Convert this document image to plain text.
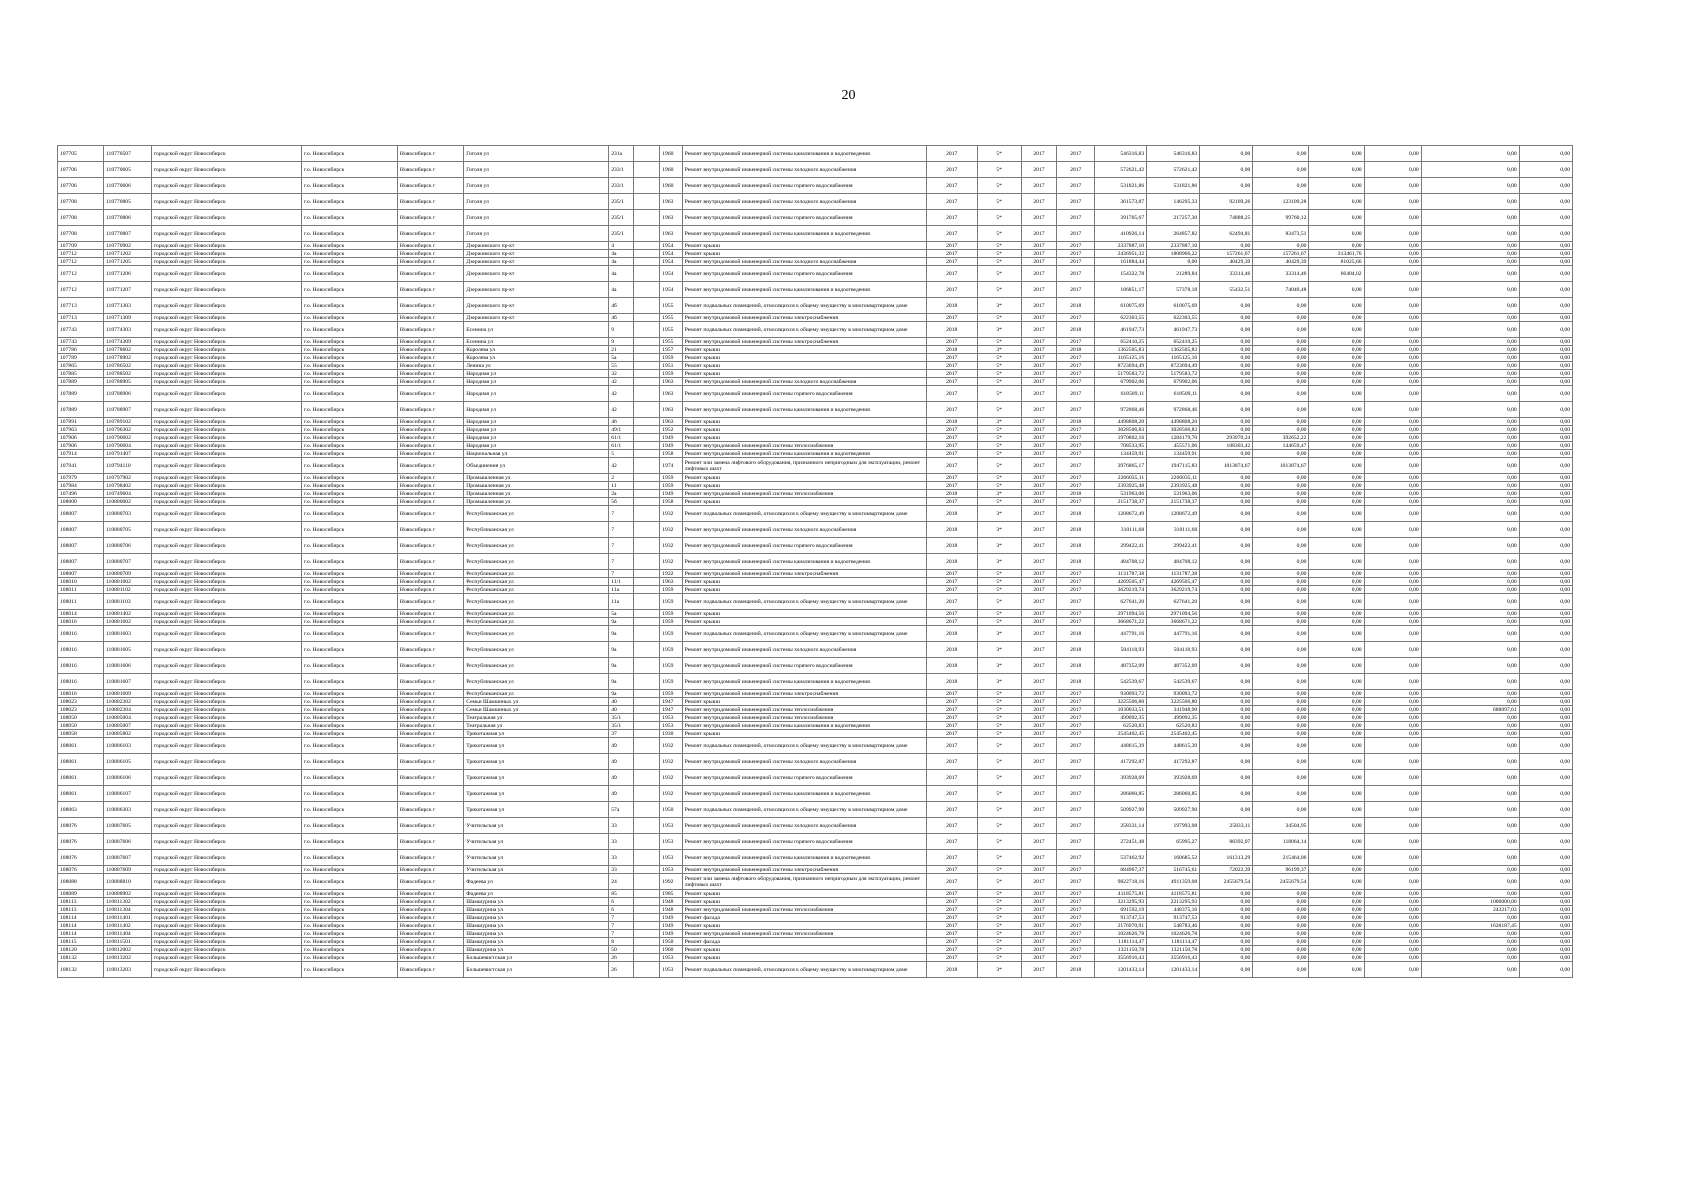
20
107705	110770507	городской округ Новосибирск	г.о. Новосибирск	Новосибирск г	Гоголя ул	231а		1960	Ремонт внутридомовой инженерной системы канализования и водоотведения	2017	5*	2017	2017	546316,83	546316,83	0,00	0,00	0,00	0,00	0,00	0,00
107706	110770605	городской округ Новосибирск	г.о. Новосибирск	Новосибирск г	Гоголя ул	233/1		1960	Ремонт внутридомовой инженерной системы холодного водоснабжения	2017	5*	2017	2017	572621,42	572621,42	0,00	0,00	0,00	0,00	0,00	0,00
107706	110770606	городской округ Новосибирск	г.о. Новосибирск	Новосибирск г	Гоголя ул	233/1		1960	Ремонт внутридомовой инженерной системы горячего водоснабжения	2017	5*	2017	2017	531821,86	531821,86	0,00	0,00	0,00	0,00	0,00	0,00
107708	110770805	городской округ Новосибирск	г.о. Новосибирск	Новосибирск г	Гоголя ул	235/1		1963	Ремонт внутридомовой инженерной системы холодного водоснабжения	2017	5*	2017	2017	361573,87	146295,33	92169,26	123109,28	0,00	0,00	0,00	0,00
107708	110770806	городской округ Новосибирск	г.о. Новосибирск	Новосибирск г	Гоголя ул	235/1		1963	Ремонт внутридомовой инженерной системы горячего водоснабжения	2017	5*	2017	2017	391705,67	217257,30	74888,25	99760,12	0,00	0,00	0,00	0,00
107708	110770807	городской округ Новосибирск	г.о. Новосибирск	Новосибирск г	Гоголя ул	235/1		1963	Ремонт внутридомовой инженерной системы канализования и водоотведения	2017	5*	2017	2017	410926,14	264857,82	62494,81	83473,51	0,00	0,00	0,00	0,00
107709	110770902	городской округ Новосибирск	г.о. Новосибирск	Новосибирск г	Дзержинского пр-кт	4		1954	Ремонт крыши	2017	5*	2017	2017	2337887,10	2337887,10	0,00	0,00	0,00	0,00	0,00	0,00
107712	110771202	городской округ Новосибирск	г.о. Новосибирск	Новосибирск г	Дзержинского пр-кт	4а		1954	Ремонт крыши	2017	5*	2017	2017	2436951,32	1808966,22	157261,67	157261,67	313461,76	0,00	0,00	0,00
107712	110771205	городской округ Новосибирск	г.о. Новосибирск	Новосибирск г	Дзержинского пр-кт	4а		1954	Ремонт внутридомовой инженерной системы холодного водоснабжения	2017	5*	2017	2017	161884,44	0,00	40429,39	40429,39	81025,66	0,00	0,00	0,00
107712	110771206	городской округ Новосибирск	г.о. Новосибирск	Новосибирск г	Дзержинского пр-кт	4а		1954	Ремонт внутридомовой инженерной системы горячего водоснабжения	2017	5*	2017	2017	154322,78	21289,84	33314,46	33314,46	66404,02	0,00	0,00	0,00
107712	110771207	городской округ Новосибирск	г.о. Новосибирск	Новосибирск г	Дзержинского пр-кт	4а		1954	Ремонт внутридомовой инженерной системы канализования и водоотведения	2017	5*	2017	2017	186851,17	57378,18	55432,51	74040,48	0,00	0,00	0,00	0,00
107713	110771303	городской округ Новосибирск	г.о. Новосибирск	Новосибирск г	Дзержинского пр-кт	4б		1955	Ремонт подвальных помещений, относящихся к общему имуществу в многоквартирном доме	2018	3*	2017	2018	610075,69	610075,69	0,00	0,00	0,00	0,00	0,00	0,00
107713	110771309	городской округ Новосибирск	г.о. Новосибирск	Новосибирск г	Дзержинского пр-кт	4б		1955	Ремонт внутридомовой инженерной системы электроснабжения	2017	5*	2017	2017	622303,55	622303,55	0,00	0,00	0,00	0,00	0,00	0,00
107743	110774303	городской округ Новосибирск	г.о. Новосибирск	Новосибирск г	Есенина ул	9		1955	Ремонт подвальных помещений, относящихся к общему имуществу в многоквартирном доме	2018	3*	2017	2018	461947,73	461947,73	0,00	0,00	0,00	0,00	0,00	0,00
107743	110774309	городской округ Новосибирск	г.о. Новосибирск	Новосибирск г	Есенина ул	9		1955	Ремонт внутридомовой инженерной системы электроснабжения	2017	5*	2017	2017	652410,25	652410,25	0,00	0,00	0,00	0,00	0,00	0,00
107786	110778602	городской округ Новосибирск	г.о. Новосибирск	Новосибирск г	Королева ул	21		1957	Ремонт крыши	2018	3*	2017	2018	1362505,83	1362505,83	0,00	0,00	0,00	0,00	0,00	0,00
107789	110778902	городской округ Новосибирск	г.о. Новосибирск	Новосибирск г	Королева ул	5а		1959	Ремонт крыши	2017	5*	2017	2017	1165125,16	1165125,16	0,00	0,00	0,00	0,00	0,00	0,00
107865	110786502	городской округ Новосибирск	г.о. Новосибирск	Новосибирск г	Ленина ул	55		1951	Ремонт крыши	2017	5*	2017	2017	8723694,49	8723694,49	0,00	0,00	0,00	0,00	0,00	0,00
107885	110788502	городской округ Новосибирск	г.о. Новосибирск	Новосибирск г	Народная ул	32		1959	Ремонт крыши	2017	5*	2017	2017	5179583,72	5179583,72	0,00	0,00	0,00	0,00	0,00	0,00
107889	110788905	городской округ Новосибирск	г.о. Новосибирск	Новосибирск г	Народная ул	42		1963	Ремонт внутридомовой инженерной системы холодного водоснабжения	2017	5*	2017	2017	679902,06	679902,06	0,00	0,00	0,00	0,00	0,00	0,00
107889	110788906	городской округ Новосибирск	г.о. Новосибирск	Новосибирск г	Народная ул	42		1963	Ремонт внутридомовой инженерной системы горячего водоснабжения	2017	5*	2017	2017	618509,11	618509,11	0,00	0,00	0,00	0,00	0,00	0,00
107889	110788907	городской округ Новосибирск	г.о. Новосибирск	Новосибирск г	Народная ул	42		1963	Ремонт внутридомовой инженерной системы канализования и водоотведения	2017	5*	2017	2017	972868,46	972868,46	0,00	0,00	0,00	0,00	0,00	0,00
107891	110789102	городской округ Новосибирск	г.о. Новосибирск	Новосибирск г	Народная ул	46		1963	Ремонт крыши	2018	3*	2017	2018	4498808,20	4498808,20	0,00	0,00	0,00	0,00	0,00	0,00
107963	110796302	городской округ Новосибирск	г.о. Новосибирск	Новосибирск г	Народная ул	49/1		1952	Ремонт крыши	2017	5*	2017	2017	3028506,83	3028506,83	0,00	0,00	0,00	0,00	0,00	0,00
107906	110790602	городской округ Новосибирск	г.о. Новосибирск	Новосибирск г	Народная ул	61/1		1949	Ремонт крыши	2017	5*	2017	2017	1970802,16	1284179,70	293970,24	392652,22	0,00	0,00	0,00	0,00
107906	110790604	городской округ Новосибирск	г.о. Новосибирск	Новосибирск г	Народная ул	61/1		1949	Ремонт внутридомовой инженерной системы теплоснабжения	2017	5*	2017	2017	708533,95	455571,06	108303,42	144659,47	0,00	0,00	0,00	0,00
107914	110791407	городской округ Новосибирск	г.о. Новосибирск	Новосибирск г	Национальная ул	5		1958	Ремонт внутридомовой инженерной системы канализования и водоотведения	2017	5*	2017	2017	134459,91	134459,91	0,00	0,00	0,00	0,00	0,00	0,00
107941	110794110	городской округ Новосибирск	г.о. Новосибирск	Новосибирск г	Объединения ул	42		1974	Ремонт или замена лифтового оборудования, признанного непригодным для эксплуатации, ремонт лифтовых шахт	2017	5*	2017	2017	3976865,17	1947115,83	1013874,67	1013874,67	0,00	0,00	0,00	0,00
107979	110797902	городской округ Новосибирск	г.о. Новосибирск	Новосибирск г	Промышленная ул	2		1959	Ремонт крыши	2017	5*	2017	2017	2266035,11	2266035,11	0,00	0,00	0,00	0,00	0,00	0,00
107984	110798402	городской округ Новосибирск	г.о. Новосибирск	Новосибирск г	Промышленная ул	11		1959	Ремонт крыши	2017	5*	2017	2017	2393925,48	2393925,48	0,00	0,00	0,00	0,00	0,00	0,00
107496	110749604	городской округ Новосибирск	г.о. Новосибирск	Новосибирск г	Промышленная ул	2а		1949	Ремонт внутридомовой инженерной системы теплоснабжения	2018	3*	2017	2018	531963,06	531963,06	0,00	0,00	0,00	0,00	0,00	0,00
108000	110800002	городской округ Новосибирск	г.о. Новосибирск	Новосибирск г	Промышленная ул	5б		1958	Ремонт крыши	2017	5*	2017	2017	2151738,37	2151738,37	0,00	0,00	0,00	0,00	0,00	0,00
108007	110800703	городской округ Новосибирск	г.о. Новосибирск	Новосибирск г	Республиканская ул	7		1932	Ремонт подвальных помещений, относящихся к общему имуществу в многоквартирном доме	2018	3*	2017	2018	1208672,49	1208672,49	0,00	0,00	0,00	0,00	0,00	0,00
108007	110800705	городской округ Новосибирск	г.о. Новосибирск	Новосибирск г	Республиканская ул	7		1932	Ремонт внутридомовой инженерной системы холодного водоснабжения	2018	3*	2017	2018	310111,68	310111,68	0,00	0,00	0,00	0,00	0,00	0,00
108007	110800706	городской округ Новосибирск	г.о. Новосибирск	Новосибирск г	Республиканская ул	7		1932	Ремонт внутридомовой инженерной системы горячего водоснабжения	2018	3*	2017	2018	299422,41	299422,41	0,00	0,00	0,00	0,00	0,00	0,00
108007	110800707	городской округ Новосибирск	г.о. Новосибирск	Новосибирск г	Республиканская ул	7		1932	Ремонт внутридомовой инженерной системы канализования и водоотведения	2018	3*	2017	2018	484708,12	484708,12	0,00	0,00	0,00	0,00	0,00	0,00
108007	110800709	городской округ Новосибирск	г.о. Новосибирск	Новосибирск г	Республиканская ул	7		1932	Ремонт внутридомовой инженерной системы электроснабжения	2017	5*	2017	2017	1131787,38	1131787,38	0,00	0,00	0,00	0,00	0,00	0,00
108010	110801002	городской округ Новосибирск	г.о. Новосибирск	Новосибирск г	Республиканская ул	11/1		1963	Ремонт крыши	2017	5*	2017	2017	4269505,47	4269505,47	0,00	0,00	0,00	0,00	0,00	0,00
108011	110801102	городской округ Новосибирск	г.о. Новосибирск	Новосибирск г	Республиканская ул	11а		1959	Ремонт крыши	2017	5*	2017	2017	3629219,74	3629219,74	0,00	0,00	0,00	0,00	0,00	0,00
108011	110801103	городской округ Новосибирск	г.о. Новосибирск	Новосибирск г	Республиканская ул	11а		1959	Ремонт подвальных помещений, относящихся к общему имуществу в многоквартирном доме	2017	5*	2017	2017	627641,20	627641,20	0,00	0,00	0,00	0,00	0,00	0,00
108014	110801402	городской округ Новосибирск	г.о. Новосибирск	Новосибирск г	Республиканская ул	5а		1959	Ремонт крыши	2017	5*	2017	2017	2971094,56	2971094,56	0,00	0,00	0,00	0,00	0,00	0,00
108016	110801602	городской округ Новосибирск	г.о. Новосибирск	Новосибирск г	Республиканская ул	9а		1959	Ремонт крыши	2017	5*	2017	2017	3668671,22	3668671,22	0,00	0,00	0,00	0,00	0,00	0,00
108016	110801603	городской округ Новосибирск	г.о. Новосибирск	Новосибирск г	Республиканская ул	9а		1959	Ремонт подвальных помещений, относящихся к общему имуществу в многоквартирном доме	2018	3*	2017	2018	447791,16	447791,16	0,00	0,00	0,00	0,00	0,00	0,00
108016	110801605	городской округ Новосибирск	г.о. Новосибирск	Новосибирск г	Республиканская ул	9а		1959	Ремонт внутридомовой инженерной системы холодного водоснабжения	2018	3*	2017	2018	504118,93	504118,93	0,00	0,00	0,00	0,00	0,00	0,00
108016	110801606	городской округ Новосибирск	г.о. Новосибирск	Новосибирск г	Республиканская ул	9а		1959	Ремонт внутридомовой инженерной системы горячего водоснабжения	2018	3*	2017	2018	487352,09	487352,09	0,00	0,00	0,00	0,00	0,00	0,00
108016	110801607	городской округ Новосибирск	г.о. Новосибирск	Новосибирск г	Республиканская ул	9а		1959	Ремонт внутридомовой инженерной системы канализования и водоотведения	2018	3*	2017	2018	542539,67	542539,67	0,00	0,00	0,00	0,00	0,00	0,00
108016	110801609	городской округ Новосибирск	г.о. Новосибирск	Новосибирск г	Республиканская ул	9а		1959	Ремонт внутридомовой инженерной системы электроснабжения	2017	5*	2017	2017	930093,72	930093,72	0,00	0,00	0,00	0,00	0,00	0,00
108023	110802302	городской округ Новосибирск	г.о. Новосибирск	Новосибирск г	Семьи Шамшиных ул	40		1947	Ремонт крыши	2017	5*	2017	2017	3225506,80	3225506,80	0,00	0,00	0,00	0,00	0,00	0,00
108023	110802304	городской округ Новосибирск	г.о. Новосибирск	Новосибирск г	Семьи Шамшиных ул	40		1947	Ремонт внутридомовой инженерной системы теплоснабжения	2017	5*	2017	2017	1030033,51	341948,90	0,00	0,00	0,00	0,00	688097,61	0,00
108050	110805004	городской округ Новосибирск	г.о. Новосибирск	Новосибирск г	Театральная ул	35/1		1953	Ремонт внутридомовой инженерной системы теплоснабжения	2017	5*	2017	2017	499092,35	499092,35	0,00	0,00	0,00	0,00	0,00	0,00
108050	110805007	городской округ Новосибирск	г.о. Новосибирск	Новосибирск г	Театральная ул	35/1		1953	Ремонт внутридомовой инженерной системы канализования и водоотведения	2017	5*	2017	2017	62520,83	62520,83	0,00	0,00	0,00	0,00	0,00	0,00
108058	110805802	городской округ Новосибирск	г.о. Новосибирск	Новосибирск г	Трикотажная ул	37		1930	Ремонт крыши	2017	5*	2017	2017	2545402,45	2545402,45	0,00	0,00	0,00	0,00	0,00	0,00
108061	110806103	городской округ Новосибирск	г.о. Новосибирск	Новосибирск г	Трикотажная ул	49		1932	Ремонт подвальных помещений, относящихся к общему имуществу в многоквартирном доме	2017	5*	2017	2017	448615,39	448615,39	0,00	0,00	0,00	0,00	0,00	0,00
108061	110806105	городской округ Новосибирск	г.о. Новосибирск	Новосибирск г	Трикотажная ул	49		1932	Ремонт внутридомовой инженерной системы холодного водоснабжения	2017	5*	2017	2017	417292,87	417292,87	0,00	0,00	0,00	0,00	0,00	0,00
108061	110806106	городской округ Новосибирск	г.о. Новосибирск	Новосибирск г	Трикотажная ул	49		1932	Ремонт внутридомовой инженерной системы горячего водоснабжения	2017	5*	2017	2017	393928,69	393928,69	0,00	0,00	0,00	0,00	0,00	0,00
108061	110806107	городской округ Новосибирск	г.о. Новосибирск	Новосибирск г	Трикотажная ул	49		1932	Ремонт внутридомовой инженерной системы канализования и водоотведения	2017	5*	2017	2017	286060,85	286060,85	0,00	0,00	0,00	0,00	0,00	0,00
108063	110806303	городской округ Новосибирск	г.о. Новосибирск	Новосибирск г	Трикотажная ул	57а		1950	Ремонт подвальных помещений, относящихся к общему имуществу в многоквартирном доме	2017	5*	2017	2017	509927,90	509927,90	0,00	0,00	0,00	0,00	0,00	0,00
108076	110807605	городской округ Новосибирск	г.о. Новосибирск	Новосибирск г	Учительская ул	33		1953	Ремонт внутридомовой инженерной системы холодного водоснабжения	2017	5*	2017	2017	258331,14	197993,08	25833,11	34504,95	0,00	0,00	0,00	0,00
108076	110807606	городской округ Новосибирск	г.о. Новосибирск	Новосибирск г	Учительская ул	33		1953	Ремонт внутридомовой инженерной системы горячего водоснабжения	2017	5*	2017	2017	272451,48	65995,27	88392,07	118064,14	0,00	0,00	0,00	0,00
108076	110807607	городской округ Новосибирск	г.о. Новосибирск	Новосибирск г	Учительская ул	33		1953	Ремонт внутридомовой инженерной системы канализования и водоотведения	2017	5*	2017	2017	537462,92	160685,52	161313,29	215464,06	0,00	0,00	0,00	0,00
108076	110807609	городской округ Новосибирск	г.о. Новосибирск	Новосибирск г	Учительская ул	33		1953	Ремонт внутридомовой инженерной системы электроснабжения	2017	5*	2017	2017	684967,37	516745,61	72022,39	96199,37	0,00	0,00	0,00	0,00
108088	110808810	городской округ Новосибирск	г.о. Новосибирск	Новосибирск г	Фадеева ул	24		1992	Ремонт или замена лифтового оборудования, признанного непригодным для эксплуатации, ремонт лифтовых шахт	2017	5*	2017	2017	9822718,16	4911359,08	2455679,54	2455679,54	0,00	0,00	0,00	0,00
108089	110808902	городской округ Новосибирск	г.о. Новосибирск	Новосибирск г	Фадеева ул	85		1985	Ремонт крыши	2017	5*	2017	2017	4118575,81	4118575,81	0,00	0,00	0,00	0,00	0,00	0,00
108113	110811302	городской округ Новосибирск	г.о. Новосибирск	Новосибирск г	Шамшурина ул	6		1948	Ремонт крыши	2017	5*	2017	2017	3213295,93	2213295,93	0,00	0,00	0,00	0,00	1000000,00	0,00
108113	110811304	городской округ Новосибирск	г.о. Новосибирск	Новосибирск г	Шамшурина ул	6		1948	Ремонт внутридомовой инженерной системы теплоснабжения	2017	5*	2017	2017	691592,19	448375,16	0,00	0,00	0,00	0,00	243217,03	0,00
108114	110811401	городской округ Новосибирск	г.о. Новосибирск	Новосибирск г	Шамшурина ул	7		1949	Ремонт фасада	2017	5*	2017	2017	913747,53	913747,53	0,00	0,00	0,00	0,00	0,00	0,00
108114	110811402	городской округ Новосибирск	г.о. Новосибирск	Новосибирск г	Шамшурина ул	7		1949	Ремонт крыши	2017	5*	2017	2017	2176970,91	548783,46	0,00	0,00	0,00	0,00	1628187,45	0,00
108114	110811404	городской округ Новосибирск	г.о. Новосибирск	Новосибирск г	Шамшурина ул	7		1949	Ремонт внутридомовой инженерной системы теплоснабжения	2017	5*	2017	2017	1024626,78	1024626,78	0,00	0,00	0,00	0,00	0,00	0,00
108115	110811501	городской округ Новосибирск	г.о. Новосибирск	Новосибирск г	Шамшурина ул	8		1950	Ремонт фасада	2017	5*	2017	2017	1181114,47	1181114,47	0,00	0,00	0,00	0,00	0,00	0,00
108120	110812002	городской округ Новосибирск	г.о. Новосибирск	Новосибирск г	Шамшурина ул	50		1960	Ремонт крыши	2017	5*	2017	2017	1321150,78	1321150,78	0,00	0,00	0,00	0,00	0,00	0,00
108132	110813202	городской округ Новосибирск	г.о. Новосибирск	Новосибирск г	Большевистская ул	26		1953	Ремонт крыши	2017	5*	2017	2017	3556916,43	3556916,43	0,00	0,00	0,00	0,00	0,00	0,00
108132	110813203	городской округ Новосибирск	г.о. Новосибирск	Новосибирск г	Большевистская ул	26		1953	Ремонт подвальных помещений, относящихся к общему имуществу в многоквартирном доме	2018	3*	2017	2018	1201433,14	1201433,14	0,00	0,00	0,00	0,00	0,00	0,00
